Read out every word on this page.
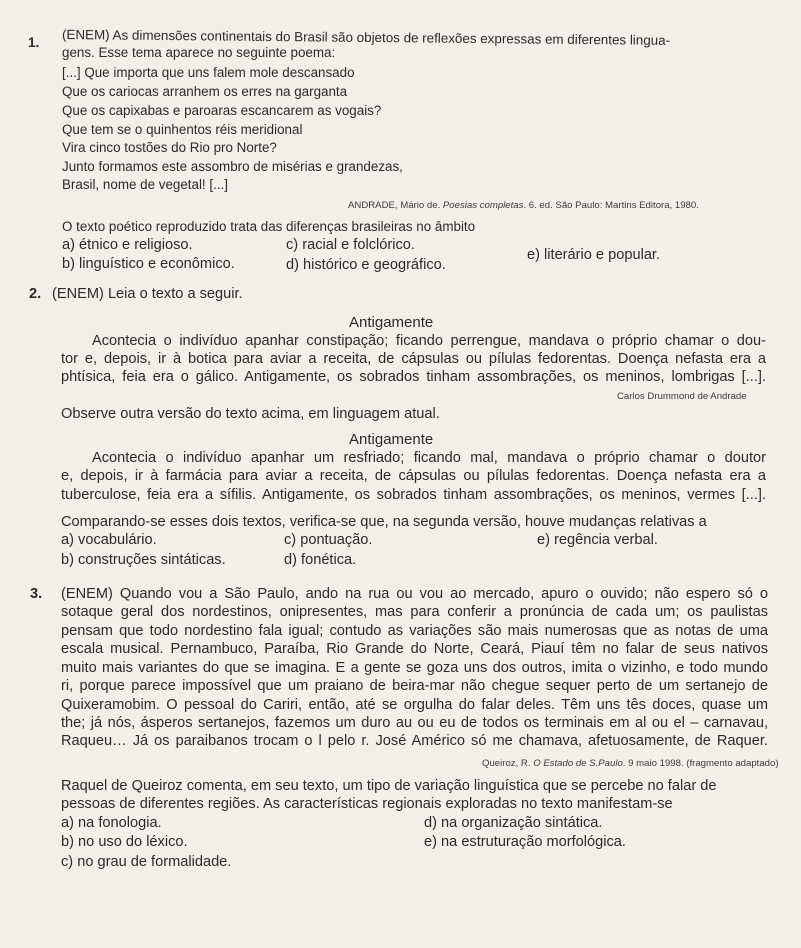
1. (ENEM) As dimensões continentais do Brasil são objetos de reflexões expressas em diferentes lingua-
gens. Esse tema aparece no seguinte poema:
[...] Que importa que uns falem mole descansado
Que os cariocas arranhem os erres na garganta
Que os capixabas e paroaras escancarem as vogais?
Que tem se o quinhentos réis meridional
Vira cinco tostões do Rio pro Norte?
Junto formamos este assombro de misérias e grandezas,
Brasil, nome de vegetal! [...]
ANDRADE, Mário de. Poesias completas. 6. ed. São Paulo: Martins Editora, 1980.
O texto poético reproduzido trata das diferenças brasileiras no âmbito
a) étnico e religioso.
b) linguístico e econômico.
c) racial e folclórico.
d) histórico e geográfico.
e) literário e popular.
2. (ENEM) Leia o texto a seguir.
Antigamente
Acontecia o indivíduo apanhar constipação; ficando perrengue, mandava o próprio chamar o dou-
tor e, depois, ir à botica para aviar a receita, de cápsulas ou pílulas fedorentas. Doença nefasta era a
phtísica, feia era o gálico. Antigamente, os sobrados tinham assombrações, os meninos, lombrigas [...].
Carlos Drummond de Andrade
Observe outra versão do texto acima, em linguagem atual.
Antigamente
Acontecia o indivíduo apanhar um resfriado; ficando mal, mandava o próprio chamar o doutor
e, depois, ir à farmácia para aviar a receita, de cápsulas ou pílulas fedorentas. Doença nefasta era a
tuberculose, feia era a sífilis. Antigamente, os sobrados tinham assombrações, os meninos, vermes [...].
Comparando-se esses dois textos, verifica-se que, na segunda versão, houve mudanças relativas a
a) vocabulário.
b) construções sintáticas.
c) pontuação.
d) fonética.
e) regência verbal.
3. (ENEM) Quando vou a São Paulo, ando na rua ou vou ao mercado, apuro o ouvido; não espero só o
sotaque geral dos nordestinos, onipresentes, mas para conferir a pronúncia de cada um; os paulistas
pensam que todo nordestino fala igual; contudo as variações são mais numerosas que as notas de uma
escala musical. Pernambuco, Paraíba, Rio Grande do Norte, Ceará, Piauí têm no falar de seus nativos
muito mais variantes do que se imagina. E a gente se goza uns dos outros, imita o vizinho, e todo mundo
ri, porque parece impossível que um praiano de beira-mar não chegue sequer perto de um sertanejo de
Quixeramobim. O pessoal do Cariri, então, até se orgulha do falar deles. Têm uns tês doces, quase um
the; já nós, ásperos sertanejos, fazemos um duro au ou eu de todos os terminais em al ou el – carnavau,
Raqueu… Já os paraibanos trocam o l pelo r. José Américo só me chamava, afetuosamente, de Raquer.
Queiroz, R. O Estado de S.Paulo. 9 maio 1998. (fragmento adaptado)
Raquel de Queiroz comenta, em seu texto, um tipo de variação linguística que se percebe no falar de
pessoas de diferentes regiões. As características regionais exploradas no texto manifestam-se
a) na fonologia.
b) no uso do léxico.
c) no grau de formalidade.
d) na organização sintática.
e) na estruturação morfológica.
